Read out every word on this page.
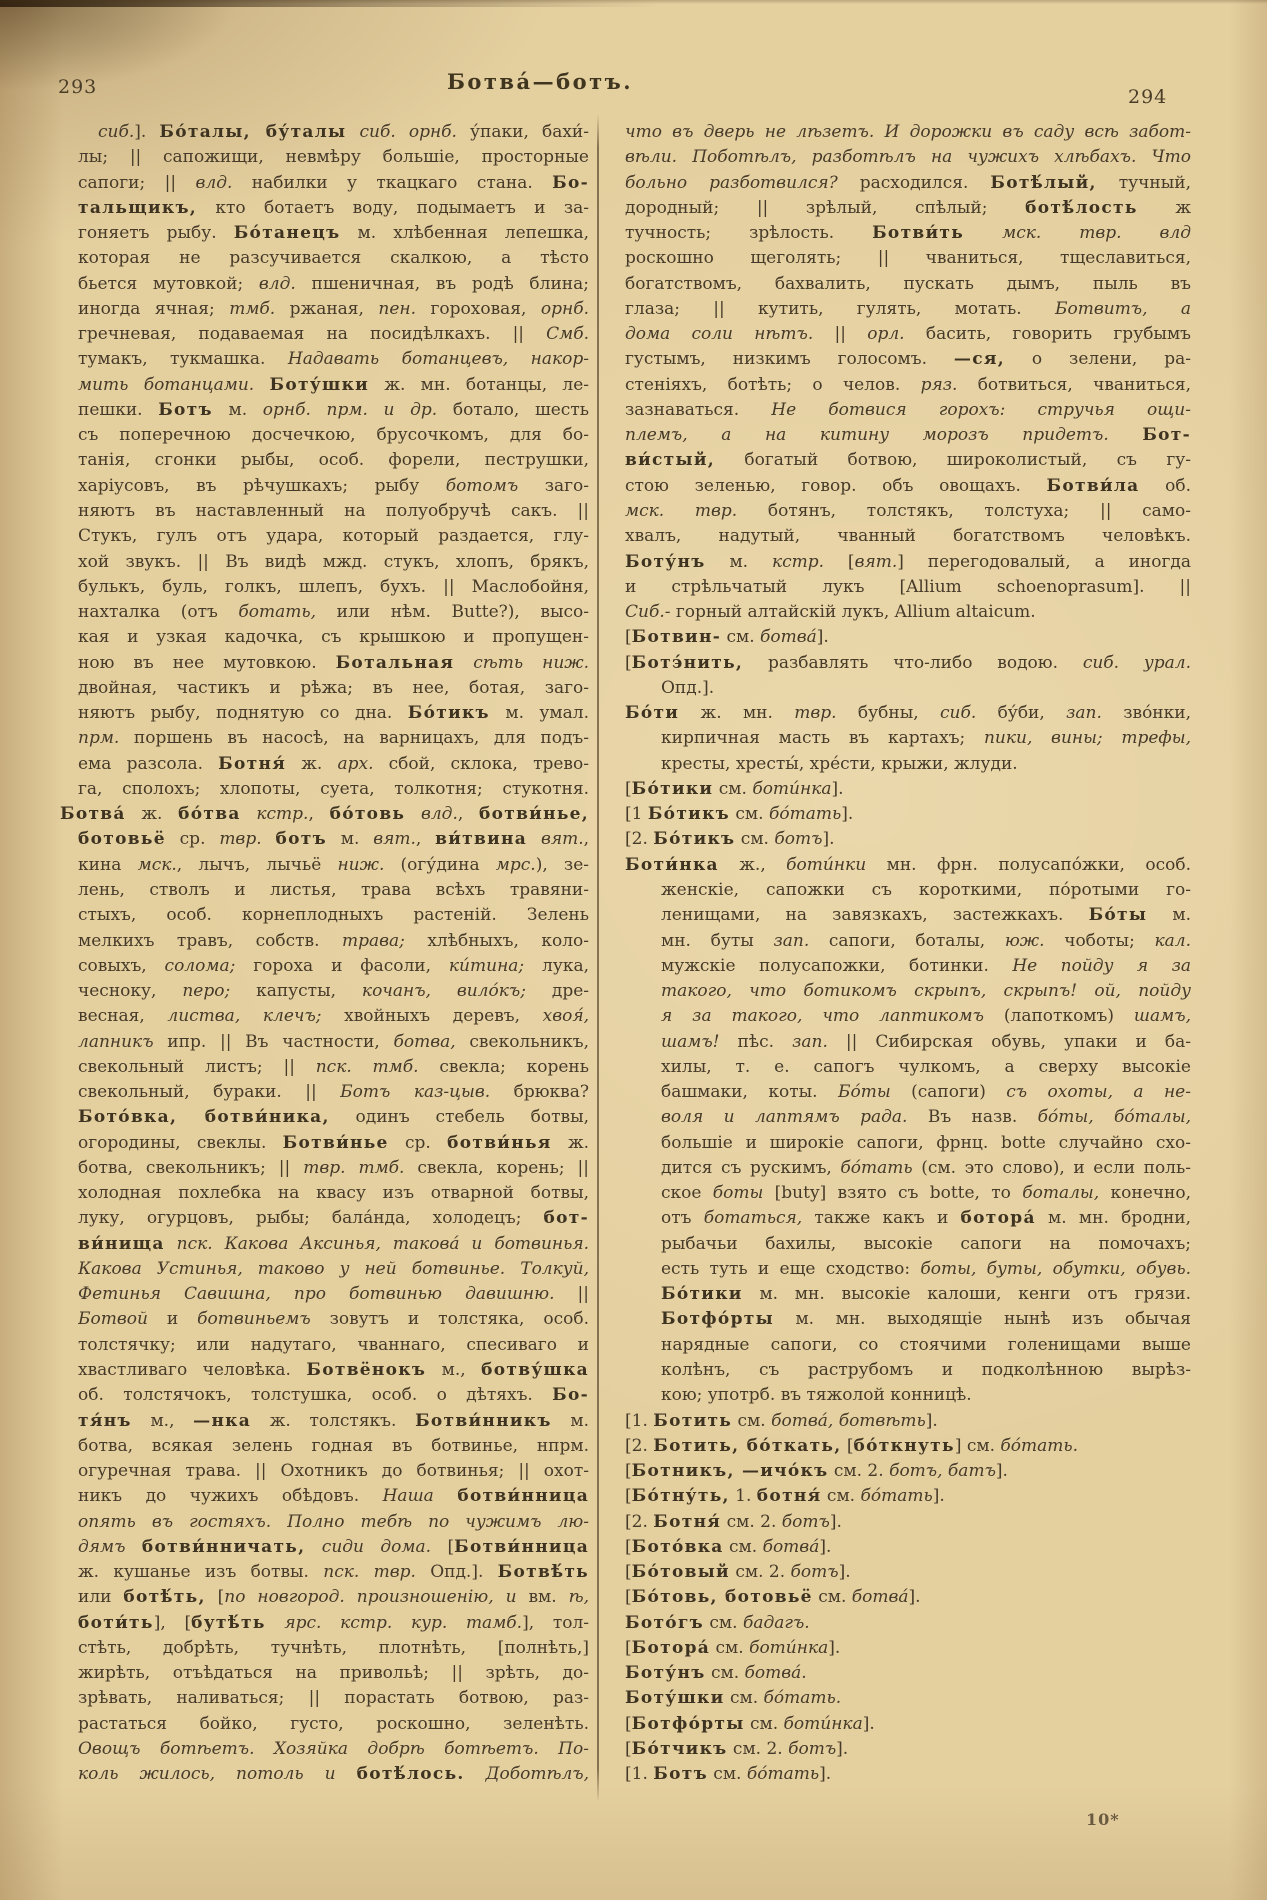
293	Ботва́—ботъ.
294
сиб.]. Бо́талы, бу́талы сиб. орнб. у́паки, бахи́-
лы; || сапожищи, невмѣру большіе, просторные
сапоги; || влд. набилки у ткацкаго стана. Бо-
тальщикъ, кто ботаетъ воду, подымаетъ и за-
гоняетъ рыбу. Бо́танецъ м. хлѣбенная лепешка,
которая не разсучивается скалкою, а тѣсто
бьется мутовкой; влд. пшеничная, въ родѣ блина;
иногда ячная; тмб. ржаная, пен. гороховая, орнб.
гречневая, подаваемая на посидѣлкахъ. || Смб.
тумакъ, тукмашка. Надавать ботанцевъ, накор-
мить ботанцами. Боту́шки ж. мн. ботанцы, ле-
пешки. Ботъ м. орнб. прм. и др. ботало, шесть
съ поперечною досчечкою, брусочкомъ, для бо-
танія, сгонки рыбы, особ. форели, пеструшки,
харіусовъ, въ рѣчушкахъ; рыбу ботомъ заго-
няютъ въ наставленный на полуобручѣ сакъ. ||
Стукъ, гулъ отъ удара, который раздается, глу-
хой звукъ. || Въ видѣ мжд. стукъ, хлопъ, брякъ,
булькъ, буль, голкъ, шлепъ, бухъ. || Маслобойня,
нахталка (отъ ботать, или нѣм. Butte?), высо-
кая и узкая кадочка, съ крышкою и пропущен-
ною въ нее мутовкою. Ботальная сѣть ниж.
двойная, частикъ и рѣжа; въ нее, ботая, заго-
няютъ рыбу, поднятую со дна. Бо́тикъ м. умал.
прм. поршень въ насосѣ, на варницахъ, для подъ-
ема разсола. Ботня́ ж. арх. сбой, склока, трево-
га, сполохъ; хлопоты, суета, толкотня; стукотня.
Ботва́ ж. бо́тва кстр., бо́товь влд., ботви́нье,
ботовьё ср. твр. ботъ м. вят., ви́твина вят.,
кина мск., лычъ, лычьё ниж. (огу́дина мрс.), зе-
лень, стволъ и листья, трава всѣхъ травяни-
стыхъ, особ. корнеплодныхъ растеній. Зелень
мелкихъ травъ, собств. трава; хлѣбныхъ, коло-
совыхъ, солома; гороха и фасоли, ки́тина; лука,
чесноку, перо; капусты, кочанъ, вило́къ; дре-
весная, листва, клечъ; хвойныхъ деревъ, хвоя́,
лапникъ ипр. || Въ частности, ботва, свекольникъ,
свекольный листъ; || пск. тмб. свекла; корень
свекольный, бураки. || Ботъ каз-цыв. брюква?
Бото́вка, ботви́ника, одинъ стебель ботвы,
огородины, свеклы. Ботви́нье ср. ботви́нья ж.
ботва, свекольникъ; || твр. тмб. свекла, корень; ||
холодная похлебка на квасу изъ отварной ботвы,
луку, огурцовъ, рыбы; бала́нда, холодецъ; бот-
ви́нища пск. Какова Аксинья, такова́ и ботвинья.
Какова Устинья, таково у ней ботвинье. Толкуй,
Фетинья Савишна, про ботвинью давишню. ||
Ботвой и ботвиньемъ зовутъ и толстяка, особ.
толстячку; или надутаго, чваннаго, спесиваго и
хвастливаго человѣка. Ботвёнокъ м., ботву́шка
об. толстячокъ, толстушка, особ. о дѣтяхъ. Бо-
тя́нъ м., —нка ж. толстякъ. Ботви́нникъ м.
ботва, всякая зелень годная въ ботвинье, нпрм.
огуречная трава. || Охотникъ до ботвинья; || охот-
никъ до чужихъ обѣдовъ. Наша ботви́нница
опять въ гостяхъ. Полно тебѣ по чужимъ лю-
дямъ ботви́нничать, сиди дома. [Ботви́нница
ж. кушанье изъ ботвы. пск. твр. Опд.]. Ботвѣ́ть
или ботѣ́ть, [по новгород. произношенію, и вм. ѣ,
боти́ть], [бутѣ́ть ярс. кстр. кур. тамб.], тол-
стѣть, добрѣть, тучнѣть, плотнѣть, [полнѣть,]
жирѣть, отъѣдаться на привольѣ; || зрѣть, до-
зрѣвать, наливаться; || порастать ботвою, раз-
растаться бойко, густо, роскошно, зеленѣть.
Овощъ ботѣетъ. Хозяйка добрѣ ботѣетъ. По-
коль жилось, потоль и ботѣ́лось. Доботѣлъ,
что въ дверь не лѣзетъ. И дорожки въ саду всѣ забот-
вѣли. Поботѣлъ, разботѣлъ на чужихъ хлѣбахъ. Что
больно разботвился? расходился. Ботѣ́лый, тучный,
дородный; || зрѣлый, спѣлый; ботѣ́лость ж
тучность; зрѣлость. Ботви́ть мск. твр. влд
роскошно щеголять; || чваниться, тщеславиться,
богатствомъ, бахвалить, пускать дымъ, пыль въ
глаза; || кутить, гулять, мотать. Ботвитъ, а
дома соли нѣтъ. || орл. басить, говорить грубымъ
густымъ, низкимъ голосомъ. —ся, о зелени, ра-
стеніяхъ, ботѣть; о челов. ряз. ботвиться, чваниться,
зазнаваться. Не ботвися горохъ: стручья ощи-
племъ, а на китину морозъ придетъ. Бот-
ви́стый, богатый ботвою, широколистый, съ гу-
стою зеленью, говор. объ овощахъ. Ботви́ла об.
мск. твр. ботянъ, толстякъ, толстуха; || само-
хвалъ, надутый, чванный богатствомъ человѣкъ.
Боту́нъ м. кстр. [вят.] перегодовалый, а иногда
и стрѣльчатый лукъ [Allium schoenoprasum]. ||
Сиб.- горный алтайскій лукъ, Allium altaicum.
[Ботвин- см. ботва́].
[Ботэ́нить, разбавлять что-либо водою. сиб. урал.
Опд.].
Бо́ти ж. мн. твр. бубны, сиб. бу́би, зап. зво́нки,
кирпичная масть въ картахъ; пики, вины; трефы,
кресты, хресты́, хре́сти, крыжи, жлуди.
[Бо́тики см. боти́нка].
[1 Бо́тикъ см. бо́тать].
[2. Бо́тикъ см. ботъ].
Боти́нка ж., боти́нки мн. фрн. полусапо́жки, особ.
женскіе, сапожки съ короткими, по́ротыми го-
ленищами, на завязкахъ, застежкахъ. Бо́ты м.
мн. буты зап. сапоги, боталы, юж. чоботы; кал.
мужскіе полусапожки, ботинки. Не пойду я за
такого, что ботикомъ скрыпъ, скрыпъ! ой, пойду
я за такого, что лаптикомъ (лапоткомъ) шамъ,
шамъ! пѣс. зап. || Сибирская обувь, упаки и ба-
хилы, т. е. сапогъ чулкомъ, а сверху высокіе
башмаки, коты. Бо́ты (сапоги) съ охоты, а не-
воля и лаптямъ рада. Въ назв. бо́ты, бо́талы,
большіе и широкіе сапоги, фрнц. botte случайно схо-
дится съ рускимъ, бо́тать (см. это слово), и если поль-
ское боты [buty] взято съ botte, то боталы, конечно,
отъ ботаться, также какъ и ботора́ м. мн. бродни,
рыбачьи бахилы, высокіе сапоги на помочахъ;
есть туть и еще сходство: боты, буты, обутки, обувь.
Бо́тики м. мн. высокіе калоши, кенги отъ грязи.
Ботфо́рты м. мн. выходящіе нынѣ изъ обычая
нарядные сапоги, со стоячими голенищами выше
колѣнъ, съ раструбомъ и подколѣнною вырѣз-
кою; употрб. въ тяжолой конницѣ.
[1. Ботить см. ботва́, ботвѣть].
[2. Ботить, бо́ткать, [бо́ткнуть] см. бо́тать.
[Ботникъ, —ичо́къ см. 2. ботъ, батъ].
[Бо́тну́ть, 1. ботня́ см. бо́тать].
[2. Ботня́ см. 2. ботъ].
[Бото́вка см. ботва́].
[Бо́товый см. 2. ботъ].
[Бо́товь, ботовьё см. ботва́].
Бото́гъ см. бадагъ.
[Ботора́ см. боти́нка].
Боту́нъ см. ботва́.
Боту́шки см. бо́тать.
[Ботфо́рты см. боти́нка].
[Бо́тчикъ см. 2. ботъ].
[1. Ботъ см. бо́тать].
10*
